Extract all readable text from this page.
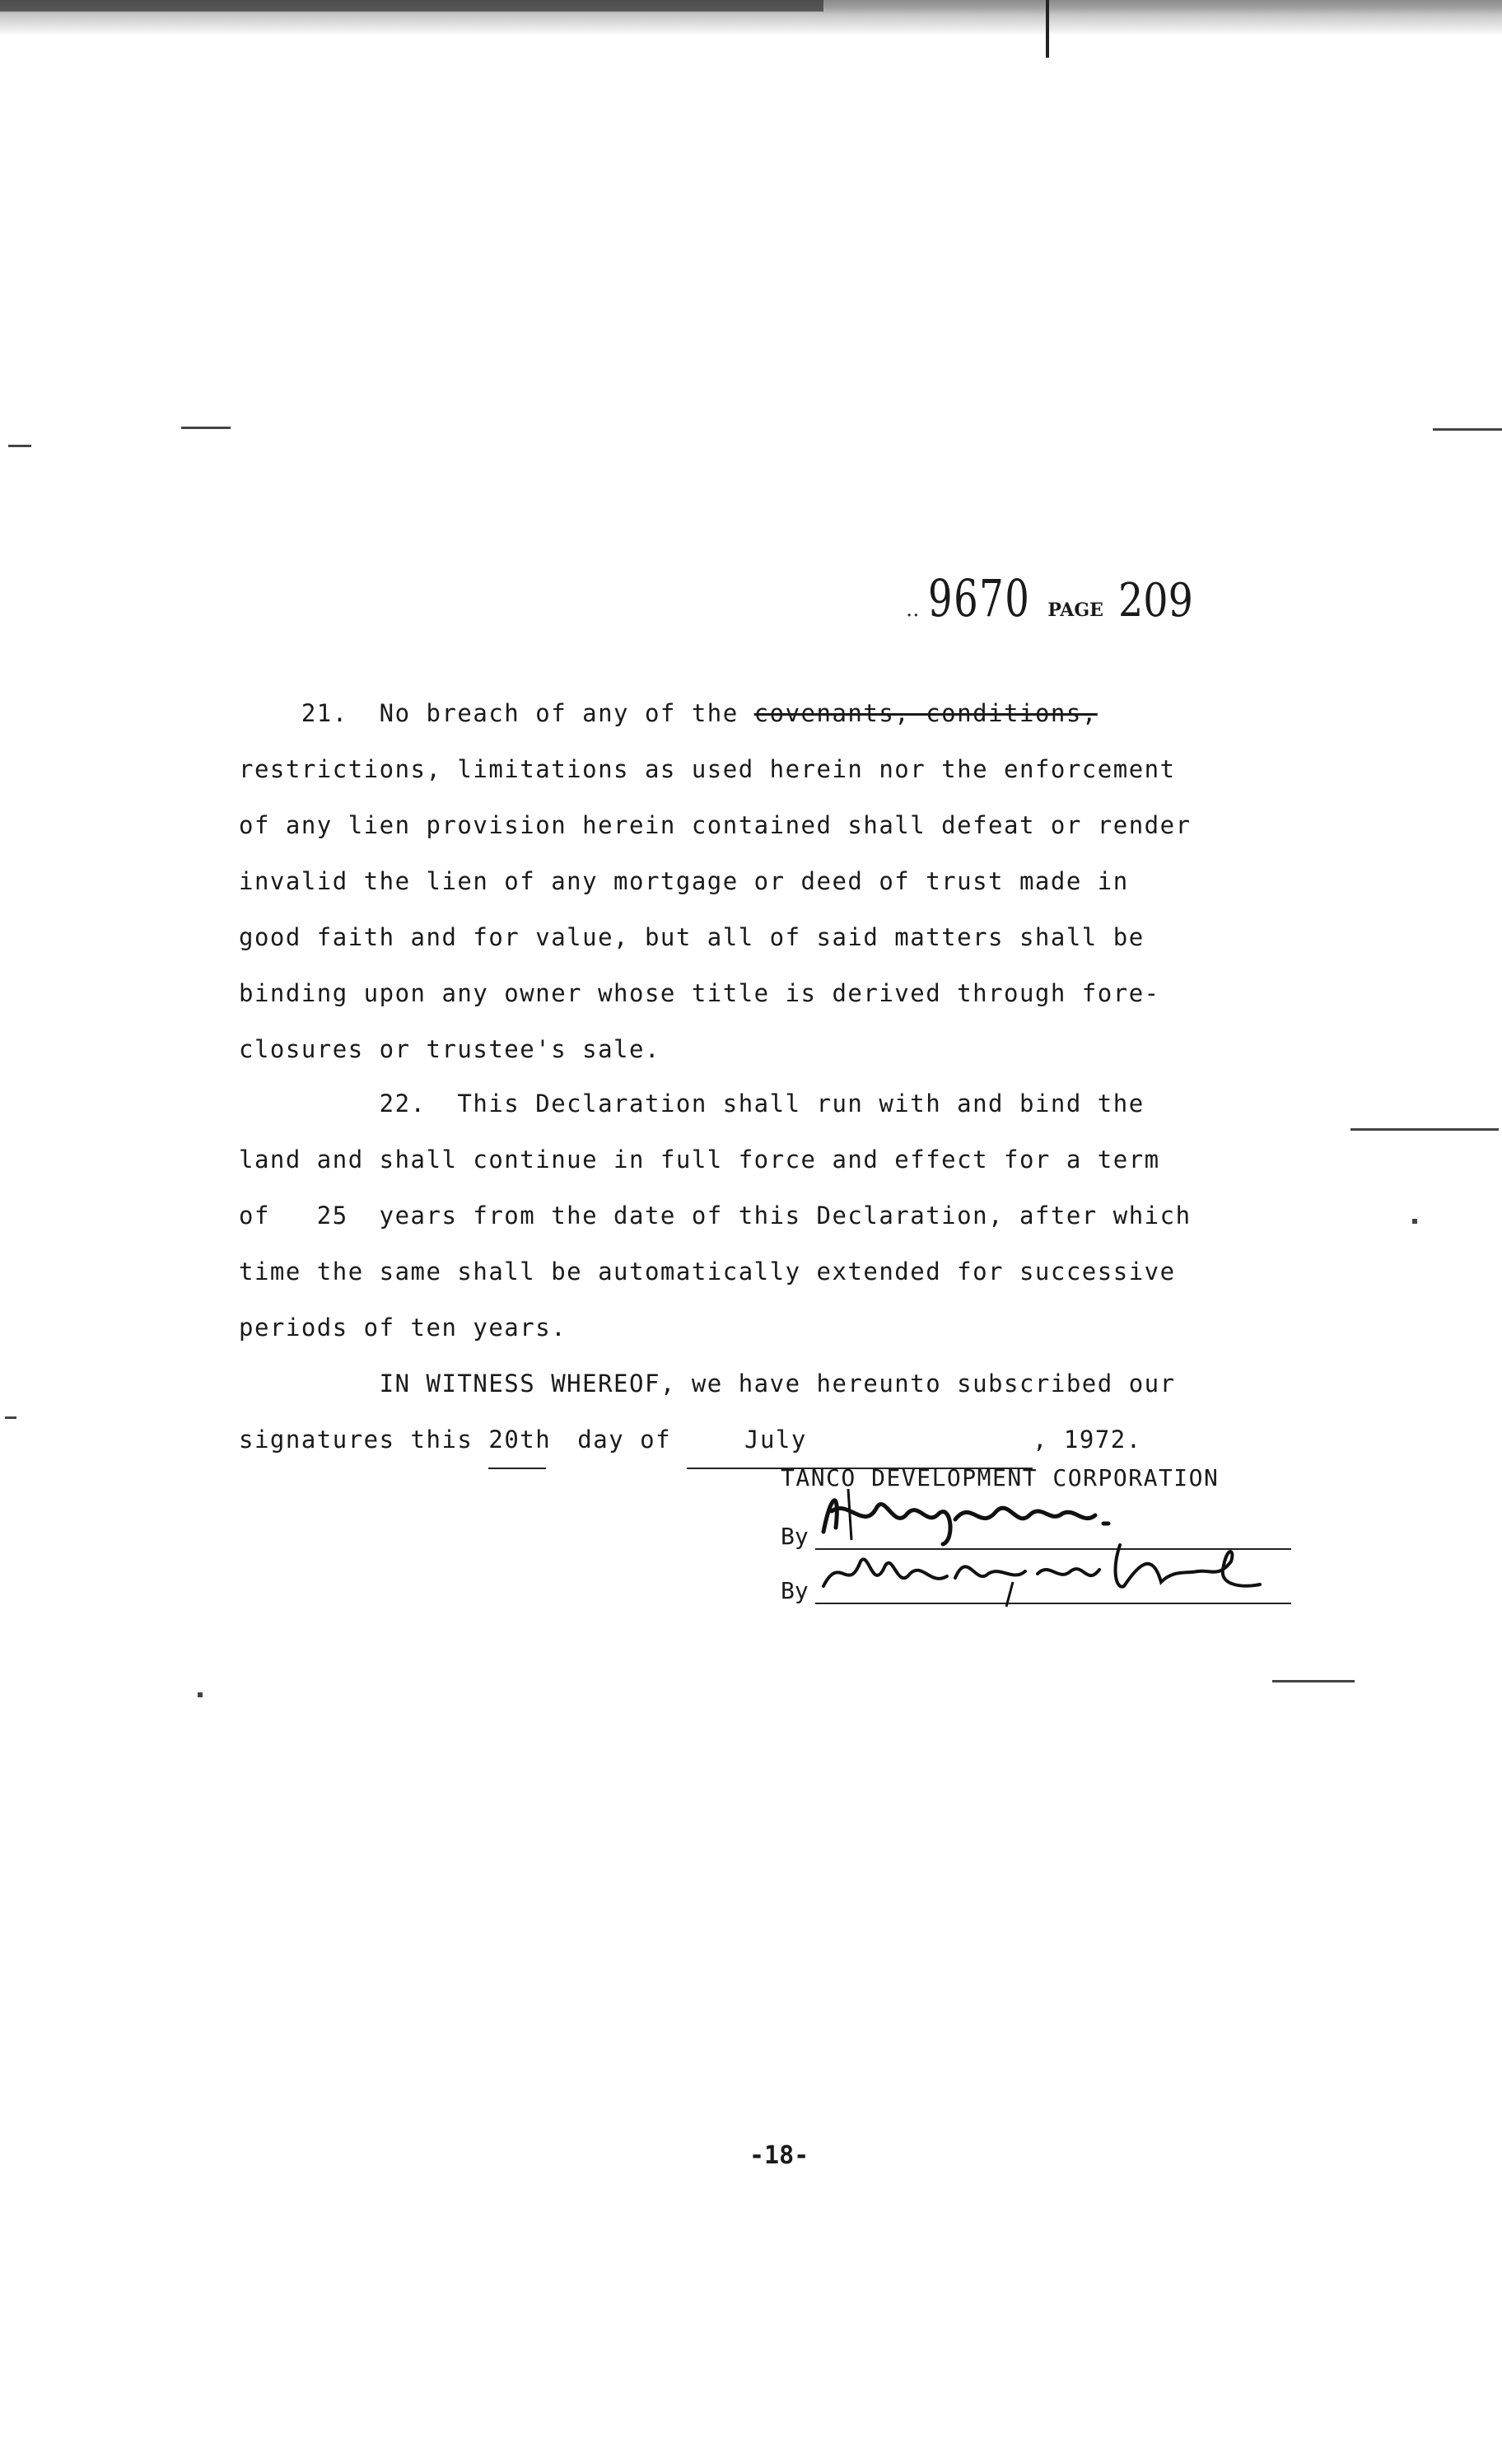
.. 9670 PAGE 209
21.  No breach of any of the covenants, conditions,
restrictions, limitations as used herein nor the enforcement
of any lien provision herein contained shall defeat or render
invalid the lien of any mortgage or deed of trust made in
good faith and for value, but all of said matters shall be
binding upon any owner whose title is derived through fore-
closures or trustee's sale.
22.  This Declaration shall run with and bind the
land and shall continue in full force and effect for a term
of   25  years from the date of this Declaration, after which
time the same shall be automatically extended for successive
periods of ten years.
IN WITNESS WHEREOF, we have hereunto subscribed our
signatures this 20th  day of July	, 1972.
TANCO DEVELOPMENT CORPORATION
By
By
-18-
